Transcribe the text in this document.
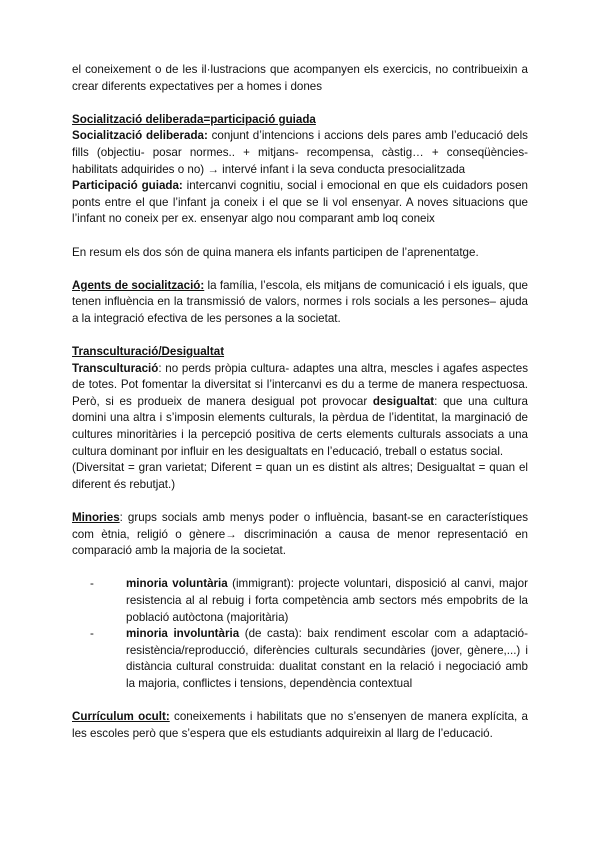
el coneixement o de les il·lustracions que acompanyen els exercicis, no contribueixin a crear diferents expectatives per a homes i dones

Socialització deliberada=participació guiada

Socialització deliberada: conjunt d’intencions i accions dels pares amb l’educació dels fills (objectiu- posar normes.. + mitjans- recompensa, càstig… + conseqüències- habilitats adquirides o no) → intervé infant i la seva conducta presocialitzada

Participació guiada: intercanvi cognitiu, social i emocional en que els cuidadors posen ponts entre el que l’infant ja coneix i el que se li vol ensenyar. A noves situacions que l’infant no coneix per ex. ensenyar algo nou comparant amb loq coneix

En resum els dos són de quina manera els infants participen de l’aprenentatge.

Agents de socialització: la família, l’escola, els mitjans de comunicació i els iguals, que tenen influència en la transmissió de valors, normes i rols socials a les persones– ajuda a la integració efectiva de les persones a la societat.

Transculturació/Desigualtat

Transculturació: no perds pròpia cultura- adaptes una altra, mescles i agafes aspectes de totes. Pot fomentar la diversitat si l’intercanvi es du a terme de manera respectuosa. Però, si es produeix de manera desigual pot provocar desigualtat: que una cultura domini una altra i s’imposin elements culturals, la pèrdua de l’identitat, la marginació de cultures minoritàries i la percepció positiva de certs elements culturals associats a una cultura dominant por influir en les desigualtats en l’educació, treball o estatus social.

(Diversitat = gran varietat; Diferent = quan un es distint als altres; Desigualtat = quan el diferent és rebutjat.)

Minories: grups socials amb menys poder o influència, basant-se en característiques com ètnia, religió o gènere→ discriminación a causa de menor representació en comparació amb la majoria de la societat.

-	minoria voluntària (immigrant): projecte voluntari, disposició al canvi, major resistencia al al rebuig i forta competència amb sectors més empobrits de la població autòctona (majoritària)
-	minoria involuntària (de casta): baix rendiment escolar com a adaptació-resistència/reproducció, diferències culturals secundàries (jover, gènere,...) i distància cultural construida: dualitat constant en la relació i negociació amb la majoria, conflictes i tensions, dependència contextual

Currículum ocult: coneixements i habilitats que no s’ensenyen de manera explícita, a les escoles però que s’espera que els estudiants adquireixin al llarg de l’educació.
